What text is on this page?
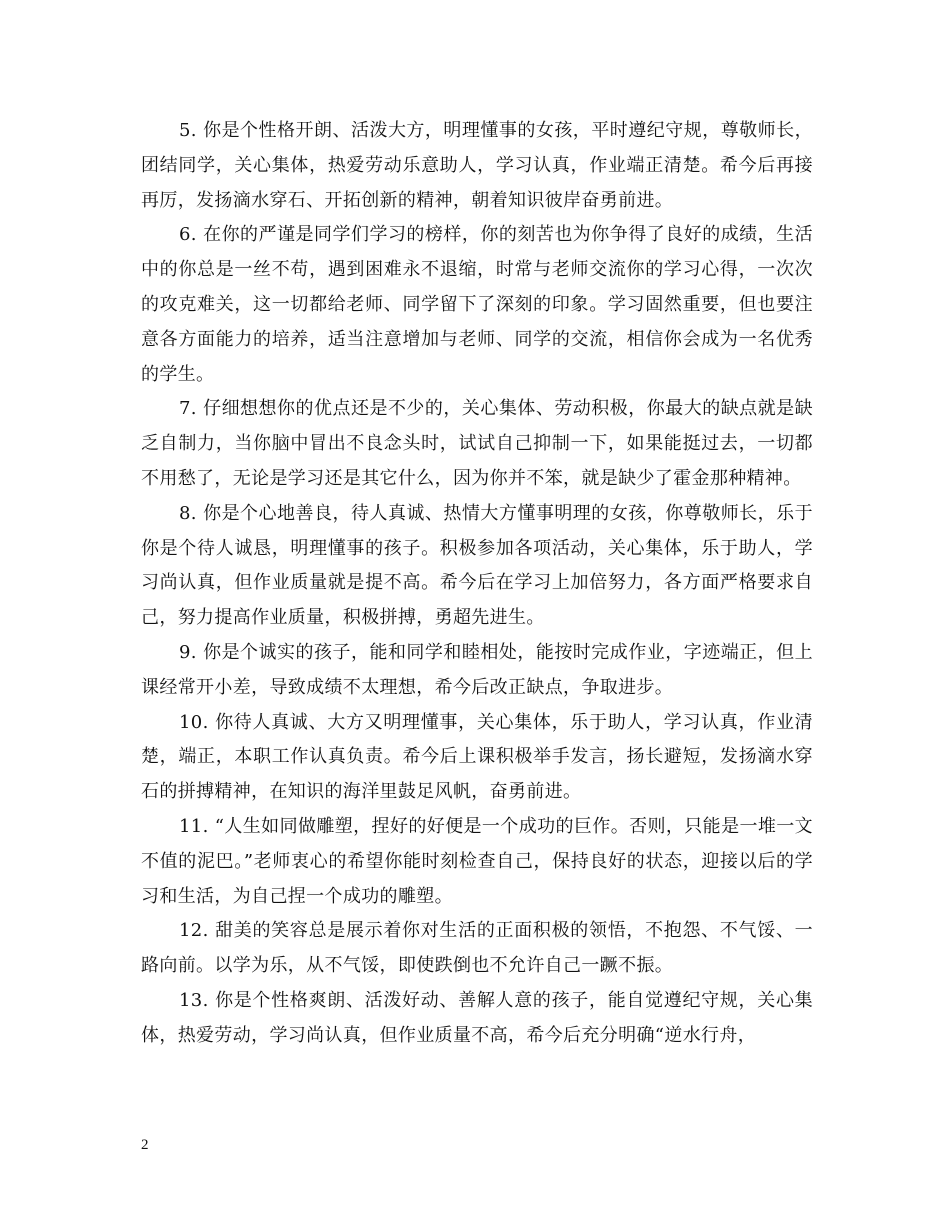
5. 你是个性格开朗、活泼大方，明理懂事的女孩，平时遵纪守规，尊敬师长，团结同学，关心集体，热爱劳动乐意助人，学习认真，作业端正清楚。希今后再接再厉，发扬滴水穿石、开拓创新的精神，朝着知识彼岸奋勇前进。

6. 在你的严谨是同学们学习的榜样，你的刻苦也为你争得了良好的成绩，生活中的你总是一丝不苟，遇到困难永不退缩，时常与老师交流你的学习心得，一次次的攻克难关，这一切都给老师、同学留下了深刻的印象。学习固然重要，但也要注意各方面能力的培养，适当注意增加与老师、同学的交流，相信你会成为一名优秀的学生。

7. 仔细想想你的优点还是不少的，关心集体、劳动积极，你最大的缺点就是缺乏自制力，当你脑中冒出不良念头时，试试自己抑制一下，如果能挺过去，一切都不用愁了，无论是学习还是其它什么，因为你并不笨，就是缺少了霍金那种精神。

8. 你是个心地善良，待人真诚、热情大方懂事明理的女孩，你尊敬师长，乐于你是个待人诚恳，明理懂事的孩子。积极参加各项活动，关心集体，乐于助人，学习尚认真，但作业质量就是提不高。希今后在学习上加倍努力，各方面严格要求自己，努力提高作业质量，积极拼搏，勇超先进生。

9. 你是个诚实的孩子，能和同学和睦相处，能按时完成作业，字迹端正，但上课经常开小差，导致成绩不太理想，希今后改正缺点，争取进步。

10. 你待人真诚、大方又明理懂事，关心集体，乐于助人，学习认真，作业清楚，端正，本职工作认真负责。希今后上课积极举手发言，扬长避短，发扬滴水穿石的拼搏精神，在知识的海洋里鼓足风帆，奋勇前进。

11. “人生如同做雕塑，捏好的好便是一个成功的巨作。否则，只能是一堆一文不值的泥巴。”老师衷心的希望你能时刻检查自己，保持良好的状态，迎接以后的学习和生活，为自己捏一个成功的雕塑。

12. 甜美的笑容总是展示着你对生活的正面积极的领悟，不抱怨、不气馁、一路向前。以学为乐，从不气馁，即使跌倒也不允许自己一蹶不振。

13. 你是个性格爽朗、活泼好动、善解人意的孩子，能自觉遵纪守规，关心集体，热爱劳动，学习尚认真，但作业质量不高，希今后充分明确“逆水行舟，

2
